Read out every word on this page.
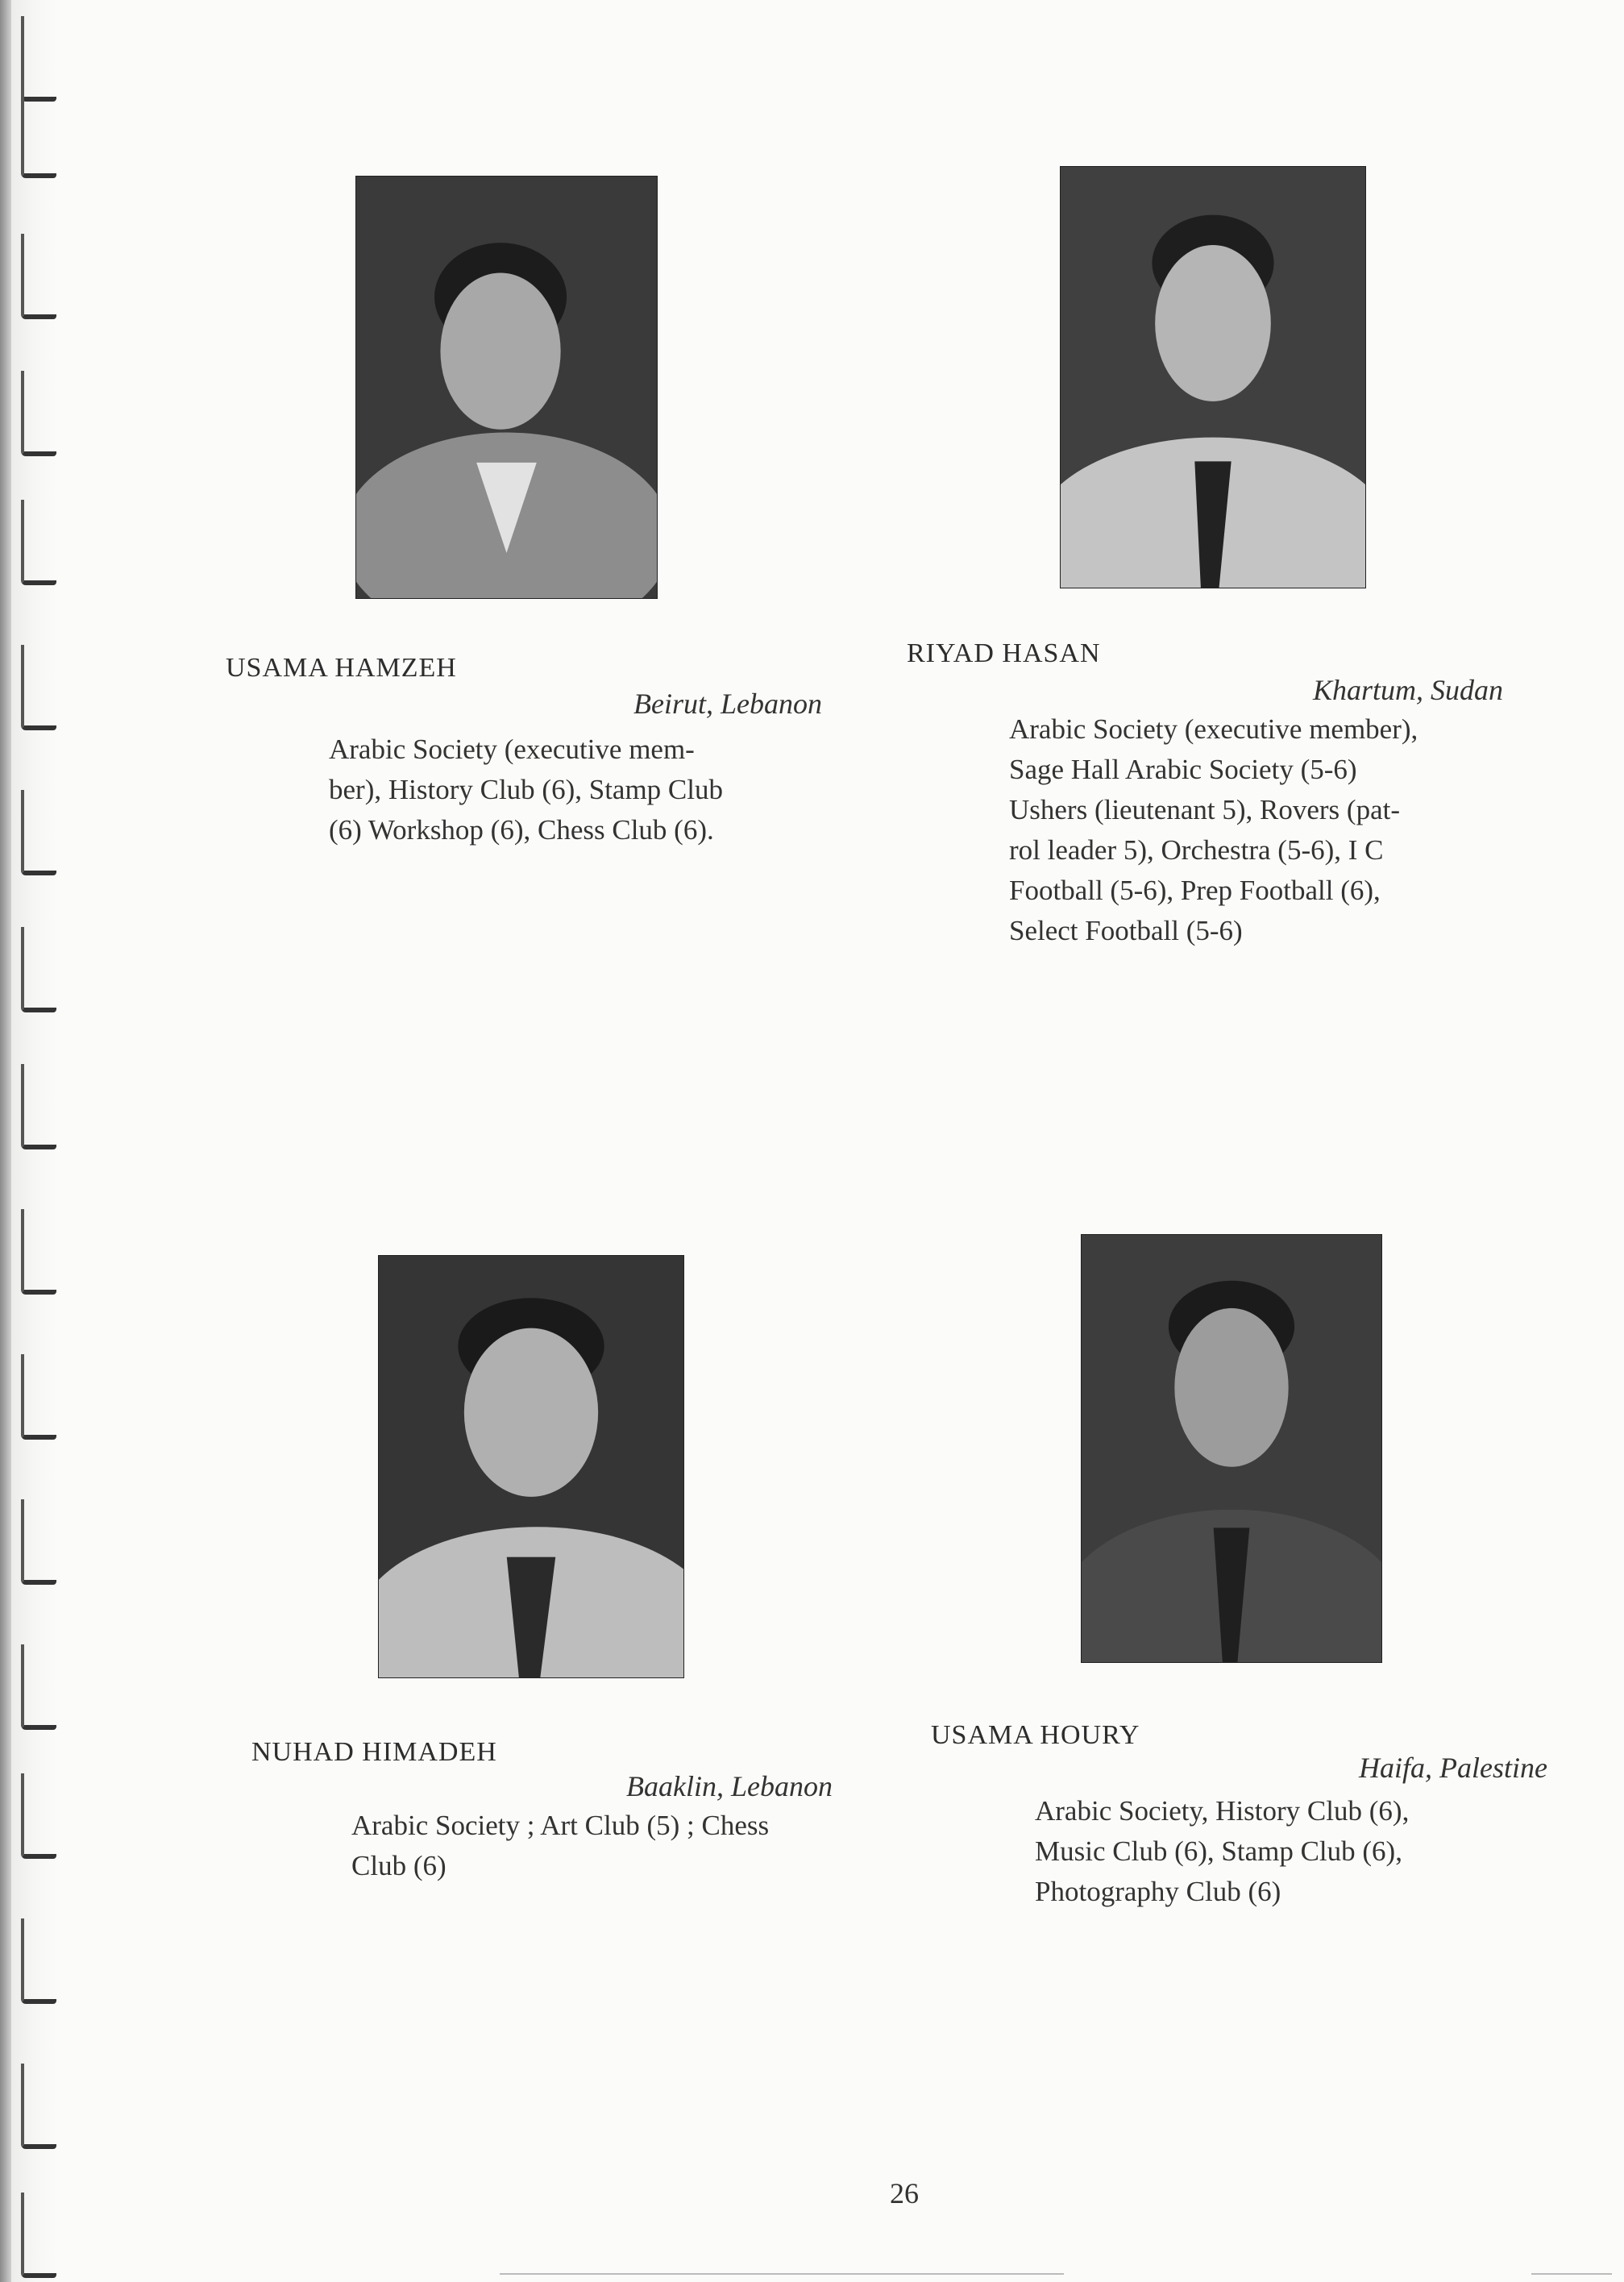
USAMA HAMZEH
Beirut, Lebanon
Arabic Society (executive mem-
ber), History Club (6), Stamp Club
(6) Workshop (6), Chess Club (6).
RIYAD HASAN
Khartum, Sudan
Arabic Society (executive member),
Sage Hall Arabic Society (5-6)
Ushers (lieutenant 5), Rovers (pat-
rol leader 5), Orchestra (5-6), I C
Football (5-6), Prep Football (6),
Select Football (5-6)
NUHAD HIMADEH
Baaklin, Lebanon
Arabic Society ; Art Club (5) ; Chess
Club (6)
USAMA HOURY
Haifa, Palestine
Arabic Society, History Club (6),
Music Club (6), Stamp Club (6),
Photography Club (6)
26
